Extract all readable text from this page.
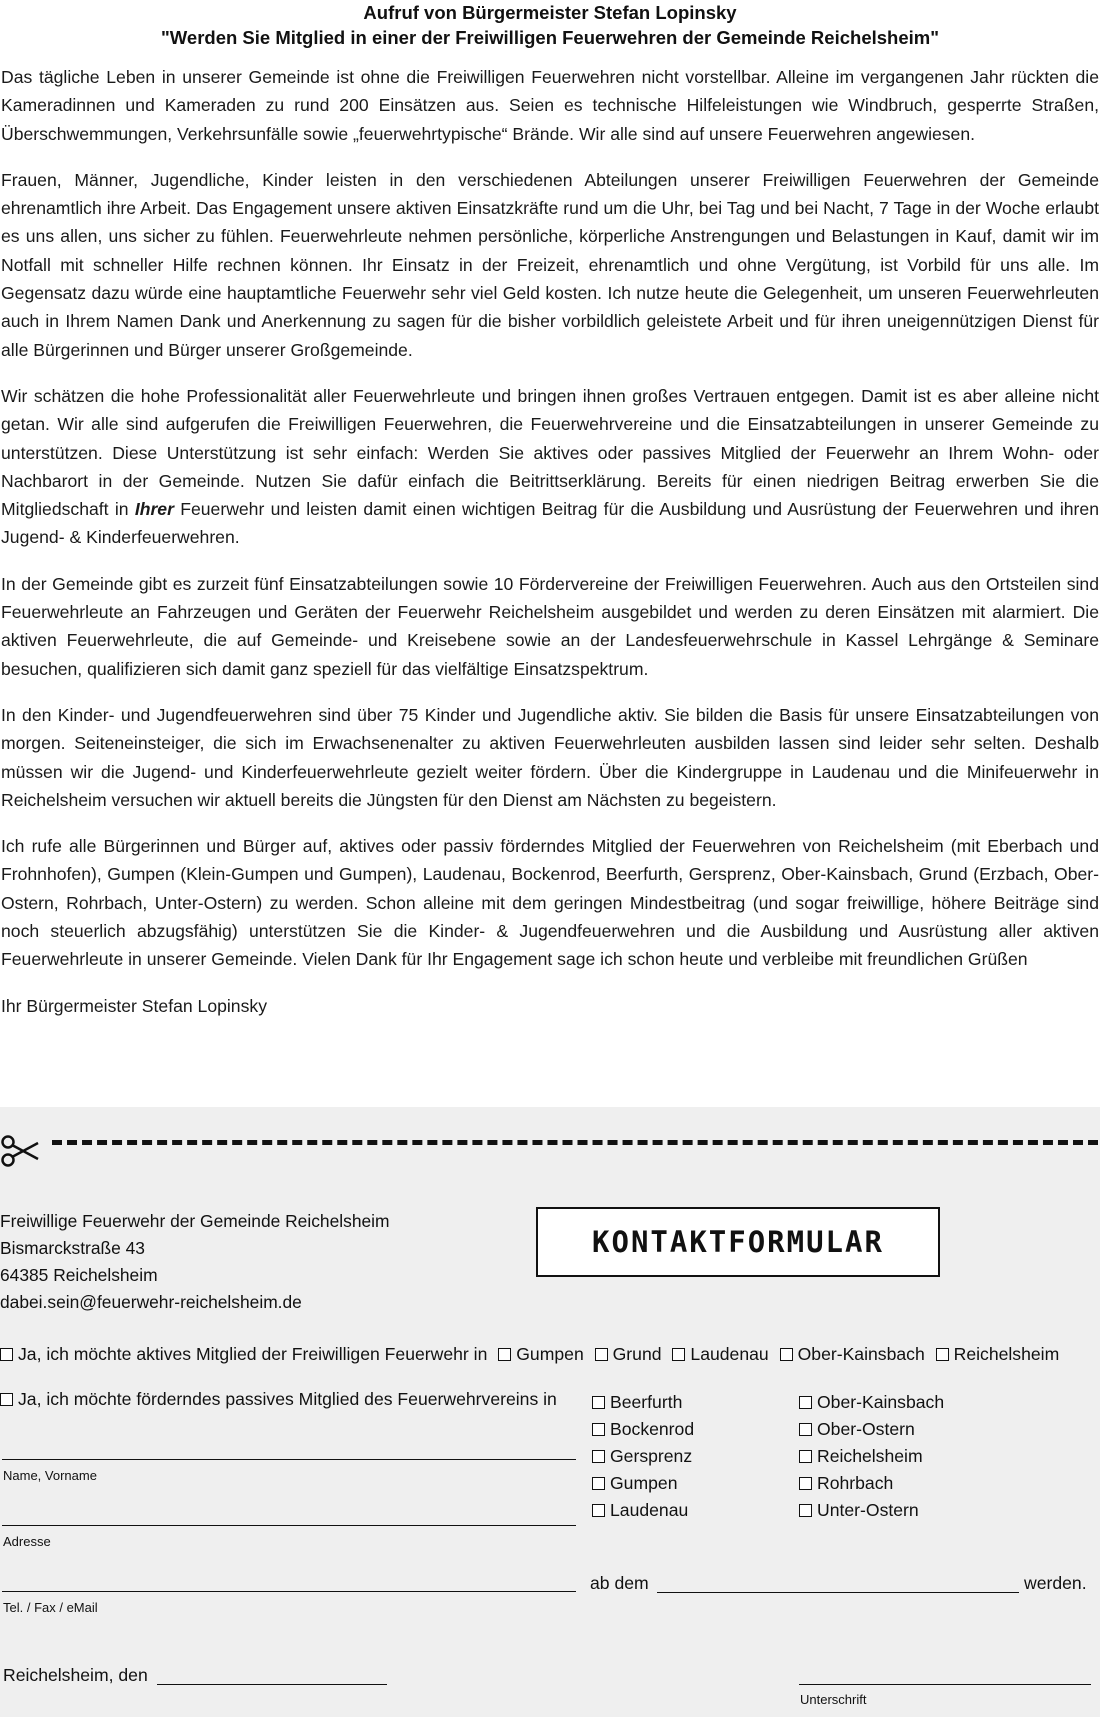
Aufruf von Bürgermeister Stefan Lopinsky
"Werden Sie Mitglied in einer der Freiwilligen Feuerwehren der Gemeinde Reichelsheim"

Das tägliche Leben in unserer Gemeinde ist ohne die Freiwilligen Feuerwehren nicht vorstellbar. Alleine im vergangenen Jahr rückten die Kameradinnen und Kameraden zu rund 200 Einsätzen aus. Seien es technische Hilfeleistungen wie Windbruch, gesperrte Straßen, Überschwemmungen, Verkehrsunfälle sowie „feuerwehrtypische“ Brände. Wir alle sind auf unsere Feuerwehren angewiesen.

Frauen, Männer, Jugendliche, Kinder leisten in den verschiedenen Abteilungen unserer Freiwilligen Feuerwehren der Gemeinde ehrenamtlich ihre Arbeit. Das Engagement unsere aktiven Einsatzkräfte rund um die Uhr, bei Tag und bei Nacht, 7 Tage in der Woche erlaubt es uns allen, uns sicher zu fühlen. Feuerwehrleute nehmen persönliche, körperliche Anstrengungen und Belastungen in Kauf, damit wir im Notfall mit schneller Hilfe rechnen können. Ihr Einsatz in der Freizeit, ehrenamtlich und ohne Vergütung, ist Vorbild für uns alle. Im Gegensatz dazu würde eine hauptamtliche Feuerwehr sehr viel Geld kosten. Ich nutze heute die Gelegenheit, um unseren Feuerwehrleuten auch in Ihrem Namen Dank und Anerkennung zu sagen für die bisher vorbildlich geleistete Arbeit und für ihren uneigennützigen Dienst für alle Bürgerinnen und Bürger unserer Großgemeinde.

Wir schätzen die hohe Professionalität aller Feuerwehrleute und bringen ihnen großes Vertrauen entgegen. Damit ist es aber alleine nicht getan. Wir alle sind aufgerufen die Freiwilligen Feuerwehren, die Feuerwehrvereine und die Einsatzabteilungen in unserer Gemeinde zu unterstützen. Diese Unterstützung ist sehr einfach: Werden Sie aktives oder passives Mitglied der Feuerwehr an Ihrem Wohn- oder Nachbarort in der Gemeinde. Nutzen Sie dafür einfach die Beitrittserklärung. Bereits für einen niedrigen Beitrag erwerben Sie die Mitgliedschaft in Ihrer Feuerwehr und leisten damit einen wichtigen Beitrag für die Ausbildung und Ausrüstung der Feuerwehren und ihren Jugend- & Kinderfeuerwehren.

In der Gemeinde gibt es zurzeit fünf Einsatzabteilungen sowie 10 Fördervereine der Freiwilligen Feuerwehren. Auch aus den Ortsteilen sind Feuerwehrleute an Fahrzeugen und Geräten der Feuerwehr Reichelsheim ausgebildet und werden zu deren Einsätzen mit alarmiert. Die aktiven Feuerwehrleute, die auf Gemeinde- und Kreisebene sowie an der Landesfeuerwehrschule in Kassel Lehrgänge & Seminare besuchen, qualifizieren sich damit ganz speziell für das vielfältige Einsatzspektrum.

In den Kinder- und Jugendfeuerwehren sind über 75 Kinder und Jugendliche aktiv. Sie bilden die Basis für unsere Einsatzabteilungen von morgen. Seiteneinsteiger, die sich im Erwachsenenalter zu aktiven Feuerwehrleuten ausbilden lassen sind leider sehr selten. Deshalb müssen wir die Jugend- und Kinderfeuerwehrleute gezielt weiter fördern. Über die Kindergruppe in Laudenau und die Minifeuerwehr in Reichelsheim versuchen wir aktuell bereits die Jüngsten für den Dienst am Nächsten zu begeistern.

Ich rufe alle Bürgerinnen und Bürger auf, aktives oder passiv förderndes Mitglied der Feuerwehren von Reichelsheim (mit Eberbach und Frohnhofen), Gumpen (Klein-Gumpen und Gumpen), Laudenau, Bockenrod, Beerfurth, Gersprenz, Ober-Kainsbach, Grund (Erzbach, Ober-Ostern, Rohrbach, Unter-Ostern) zu werden. Schon alleine mit dem geringen Mindestbeitrag (und sogar freiwillige, höhere Beiträge sind noch steuerlich abzugsfähig) unterstützen Sie die Kinder- & Jugendfeuerwehren und die Ausbildung und Ausrüstung aller aktiven Feuerwehrleute in unserer Gemeinde. Vielen Dank für Ihr Engagement sage ich schon heute und verbleibe mit freundlichen Grüßen

Ihr Bürgermeister Stefan Lopinsky

Freiwillige Feuerwehr der Gemeinde Reichelsheim
Bismarckstraße 43
64385 Reichelsheim
dabei.sein@feuerwehr-reichelsheim.de
KONTAKTFORMULAR
Ja, ich möchte aktives Mitglied der Freiwilligen Feuerwehr in Gumpen Grund Laudenau Ober-Kainsbach Reichelsheim
Ja, ich möchte förderndes passives Mitglied des Feuerwehrvereins in	Beerfurth
Bockenrod
Gersprenz
Gumpen
Laudenau
Ober-Kainsbach
Ober-Ostern
Reichelsheim
Rohrbach
Unter-Ostern
Name, Vorname
Adresse
Tel. / Fax / eMail
ab dem	werden.
Reichelsheim, den
Unterschrift
